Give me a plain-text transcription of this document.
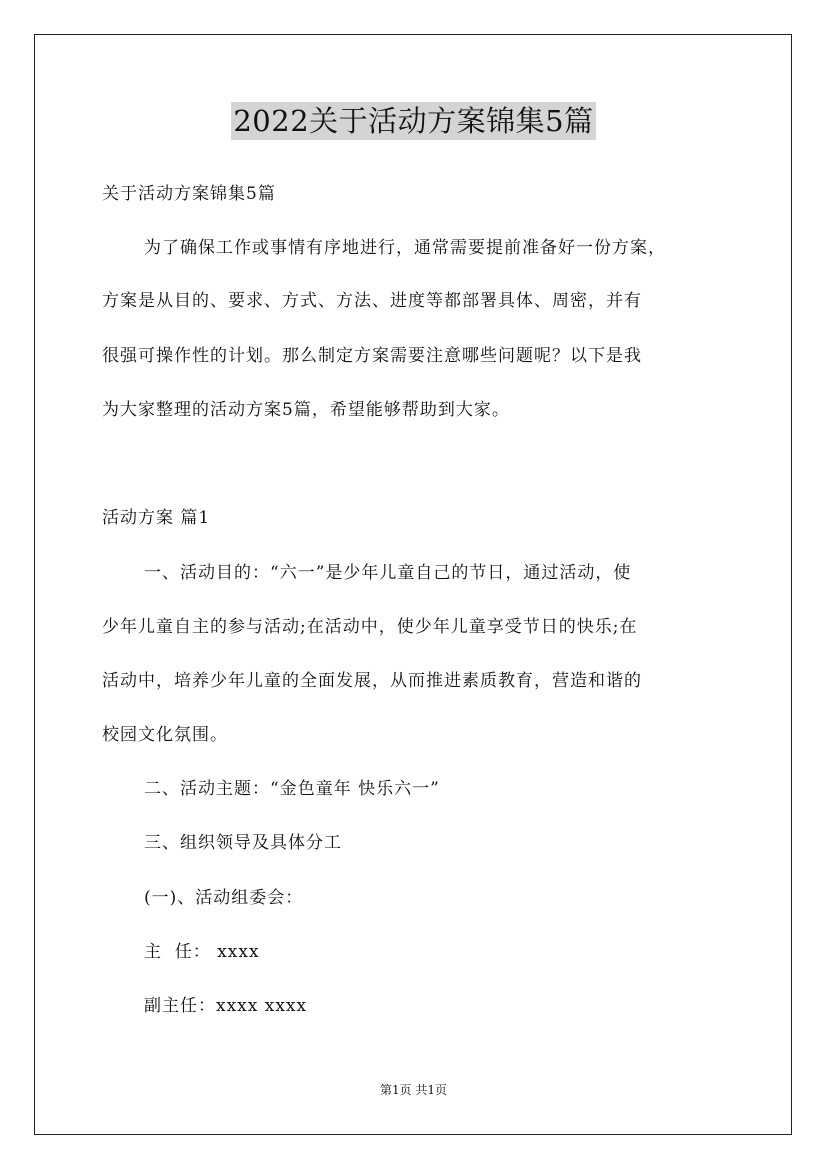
2022关于活动方案锦集5篇
关于活动方案锦集5篇
为了确保工作或事情有序地进行，通常需要提前准备好一份方案，
方案是从目的、要求、方式、方法、进度等都部署具体、周密，并有
很强可操作性的计划。那么制定方案需要注意哪些问题呢？以下是我
为大家整理的活动方案5篇，希望能够帮助到大家。
活动方案 篇1
一、活动目的：“六一”是少年儿童自己的节日，通过活动，使
少年儿童自主的参与活动;在活动中，使少年儿童享受节日的快乐;在
活动中，培养少年儿童的全面发展，从而推进素质教育，营造和谐的
校园文化氛围。
二、活动主题：“金色童年 快乐六一”
三、组织领导及具体分工
(一)、活动组委会：
主  任： xxxx
副主任：xxxx xxxx
第1页 共1页
